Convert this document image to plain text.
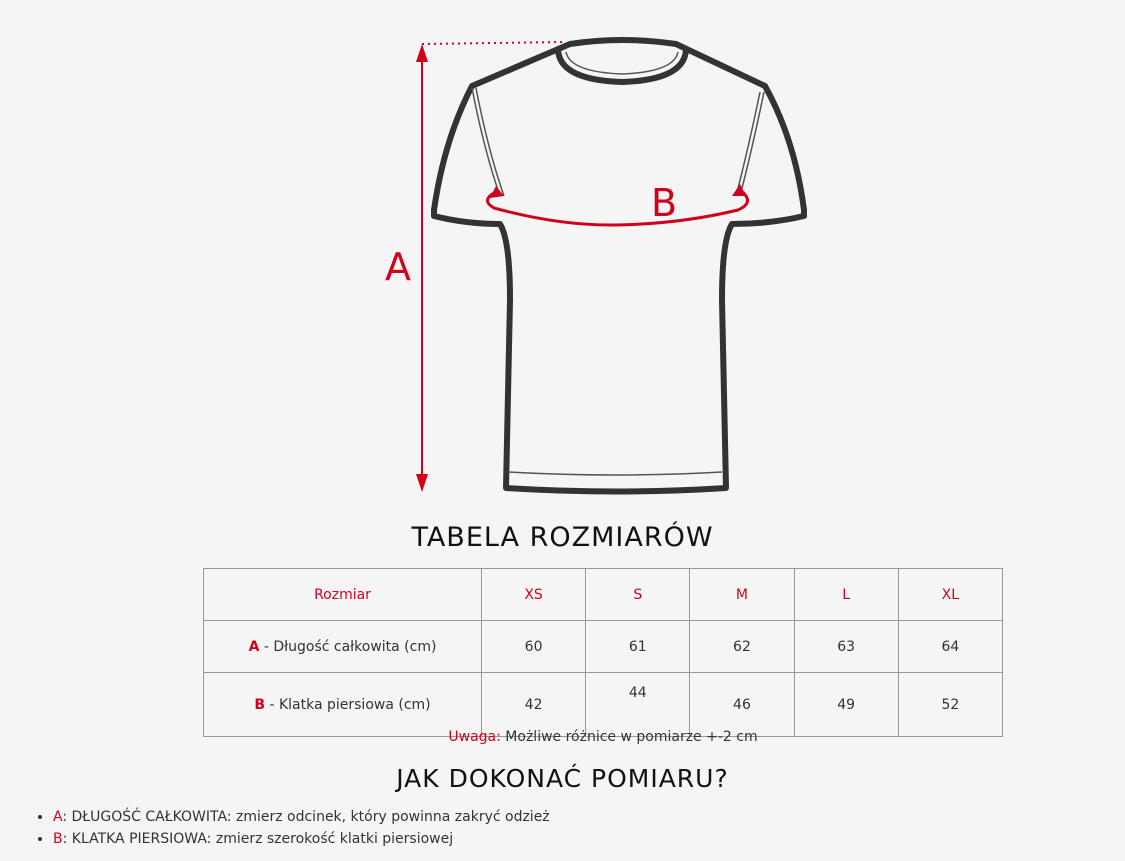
A
B
TABELA ROZMIARÓW
Rozmiar	XS	S	M	L	XL
A - Długość całkowita (cm)	60	61	62	63	64
B - Klatka piersiowa (cm)	42	44	46	49	52
Uwaga: Możliwe różnice w pomiarze +-2 cm
JAK DOKONAĆ POMIARU?
• A: DŁUGOŚĆ CAŁKOWITA: zmierz odcinek, który powinna zakryć odzież
• B: KLATKA PIERSIOWA: zmierz szerokość klatki piersiowej
